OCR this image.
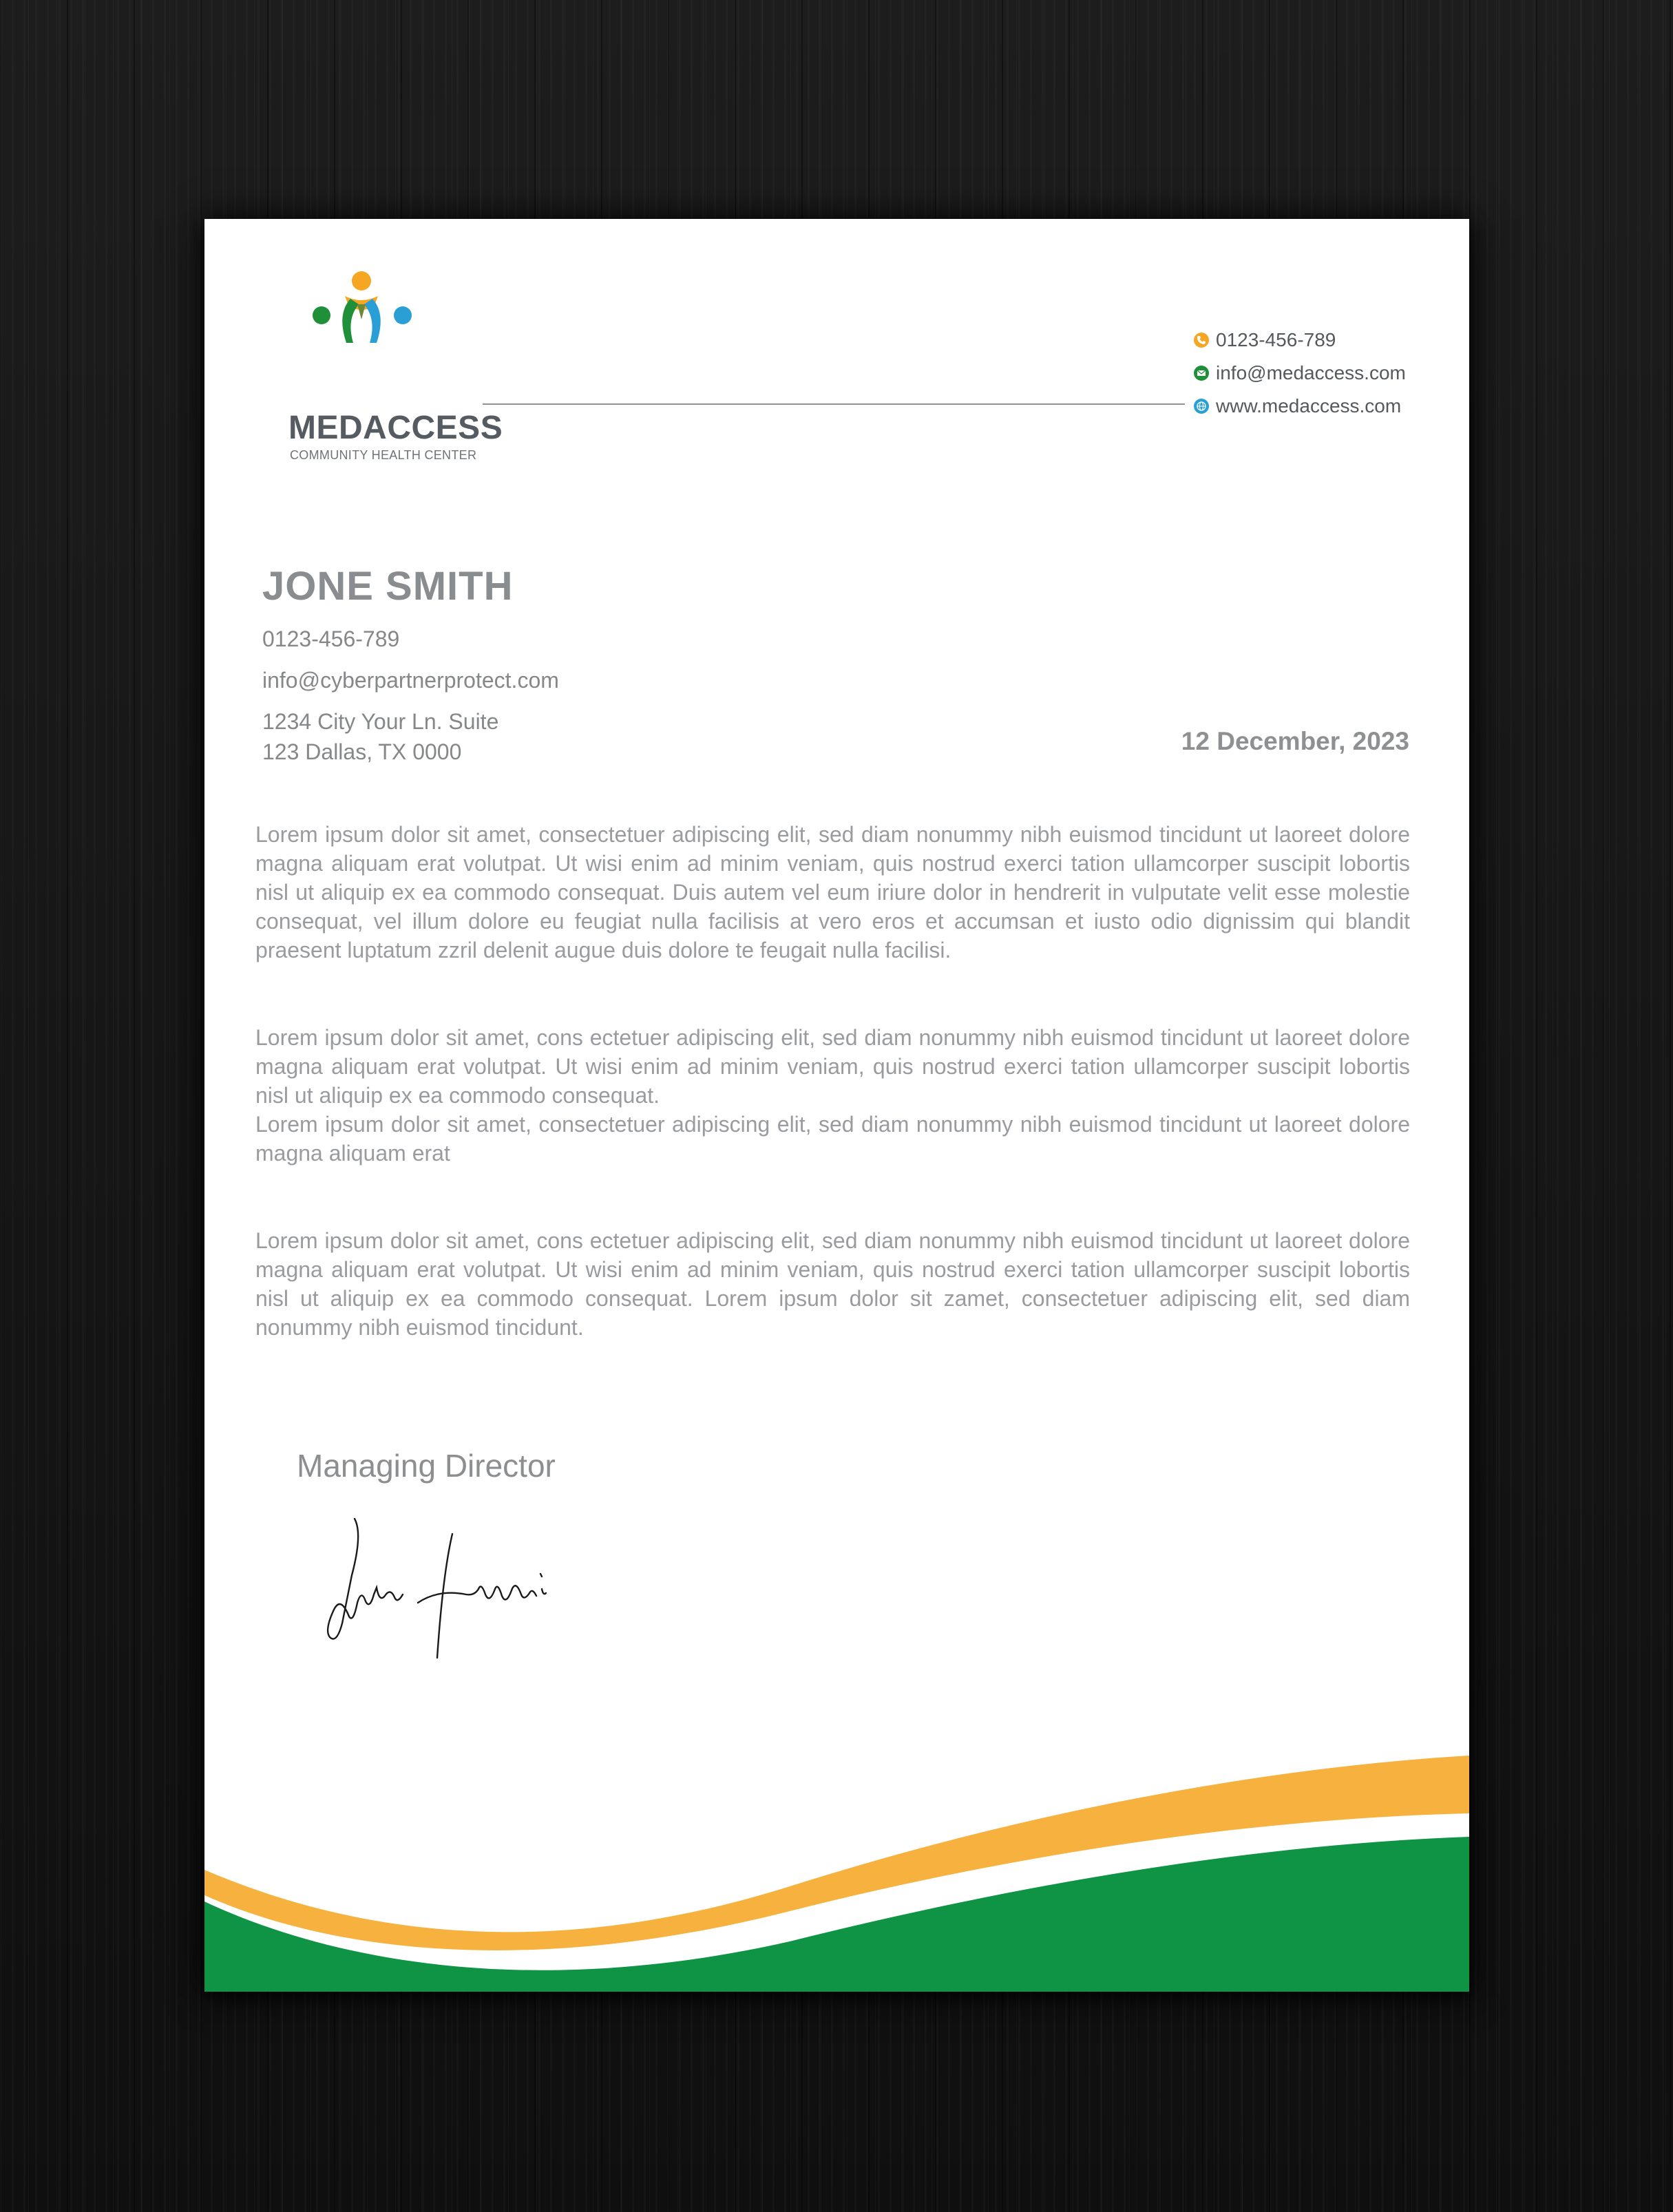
MEDACCESS
COMMUNITY HEALTH CENTER
0123-456-789
info@medaccess.com
www.medaccess.com
JONE SMITH
0123-456-789
info@cyberpartnerprotect.com
1234 City Your Ln. Suite
123 Dallas, TX 0000	12 December, 2023

Lorem ipsum dolor sit amet, consectetuer adipiscing elit, sed diam nonummy nibh euismod tincidunt ut laoreet dolore magna aliquam erat volutpat. Ut wisi enim ad minim veniam, quis nostrud exerci tation ullamcorper suscipit lobortis nisl ut aliquip ex ea commodo consequat. Duis autem vel eum iriure dolor in hendrerit in vulputate velit esse molestie consequat, vel illum dolore eu feugiat nulla facilisis at vero eros et accumsan et iusto odio dignissim qui blandit praesent luptatum zzril delenit augue duis dolore te feugait nulla facilisi.

Lorem ipsum dolor sit amet, cons ectetuer adipiscing elit, sed diam nonummy nibh euismod tincidunt ut laoreet dolore magna aliquam erat volutpat. Ut wisi enim ad minim veniam, quis nostrud exerci tation ullamcorper suscipit lobortis nisl ut aliquip ex ea commodo consequat.

Lorem ipsum dolor sit amet, consectetuer adipiscing elit, sed diam nonummy nibh euismod tincidunt ut laoreet dolore magna aliquam erat

Lorem ipsum dolor sit amet, cons ectetuer adipiscing elit, sed diam nonummy nibh euismod tincidunt ut laoreet dolore magna aliquam erat volutpat. Ut wisi enim ad minim veniam, quis nostrud exerci tation ullamcorper suscipit lobortis nisl ut aliquip ex ea commodo consequat. Lorem ipsum dolor sit zamet, consectetuer adipiscing elit, sed diam nonummy nibh euismod tincidunt.

Managing Director
